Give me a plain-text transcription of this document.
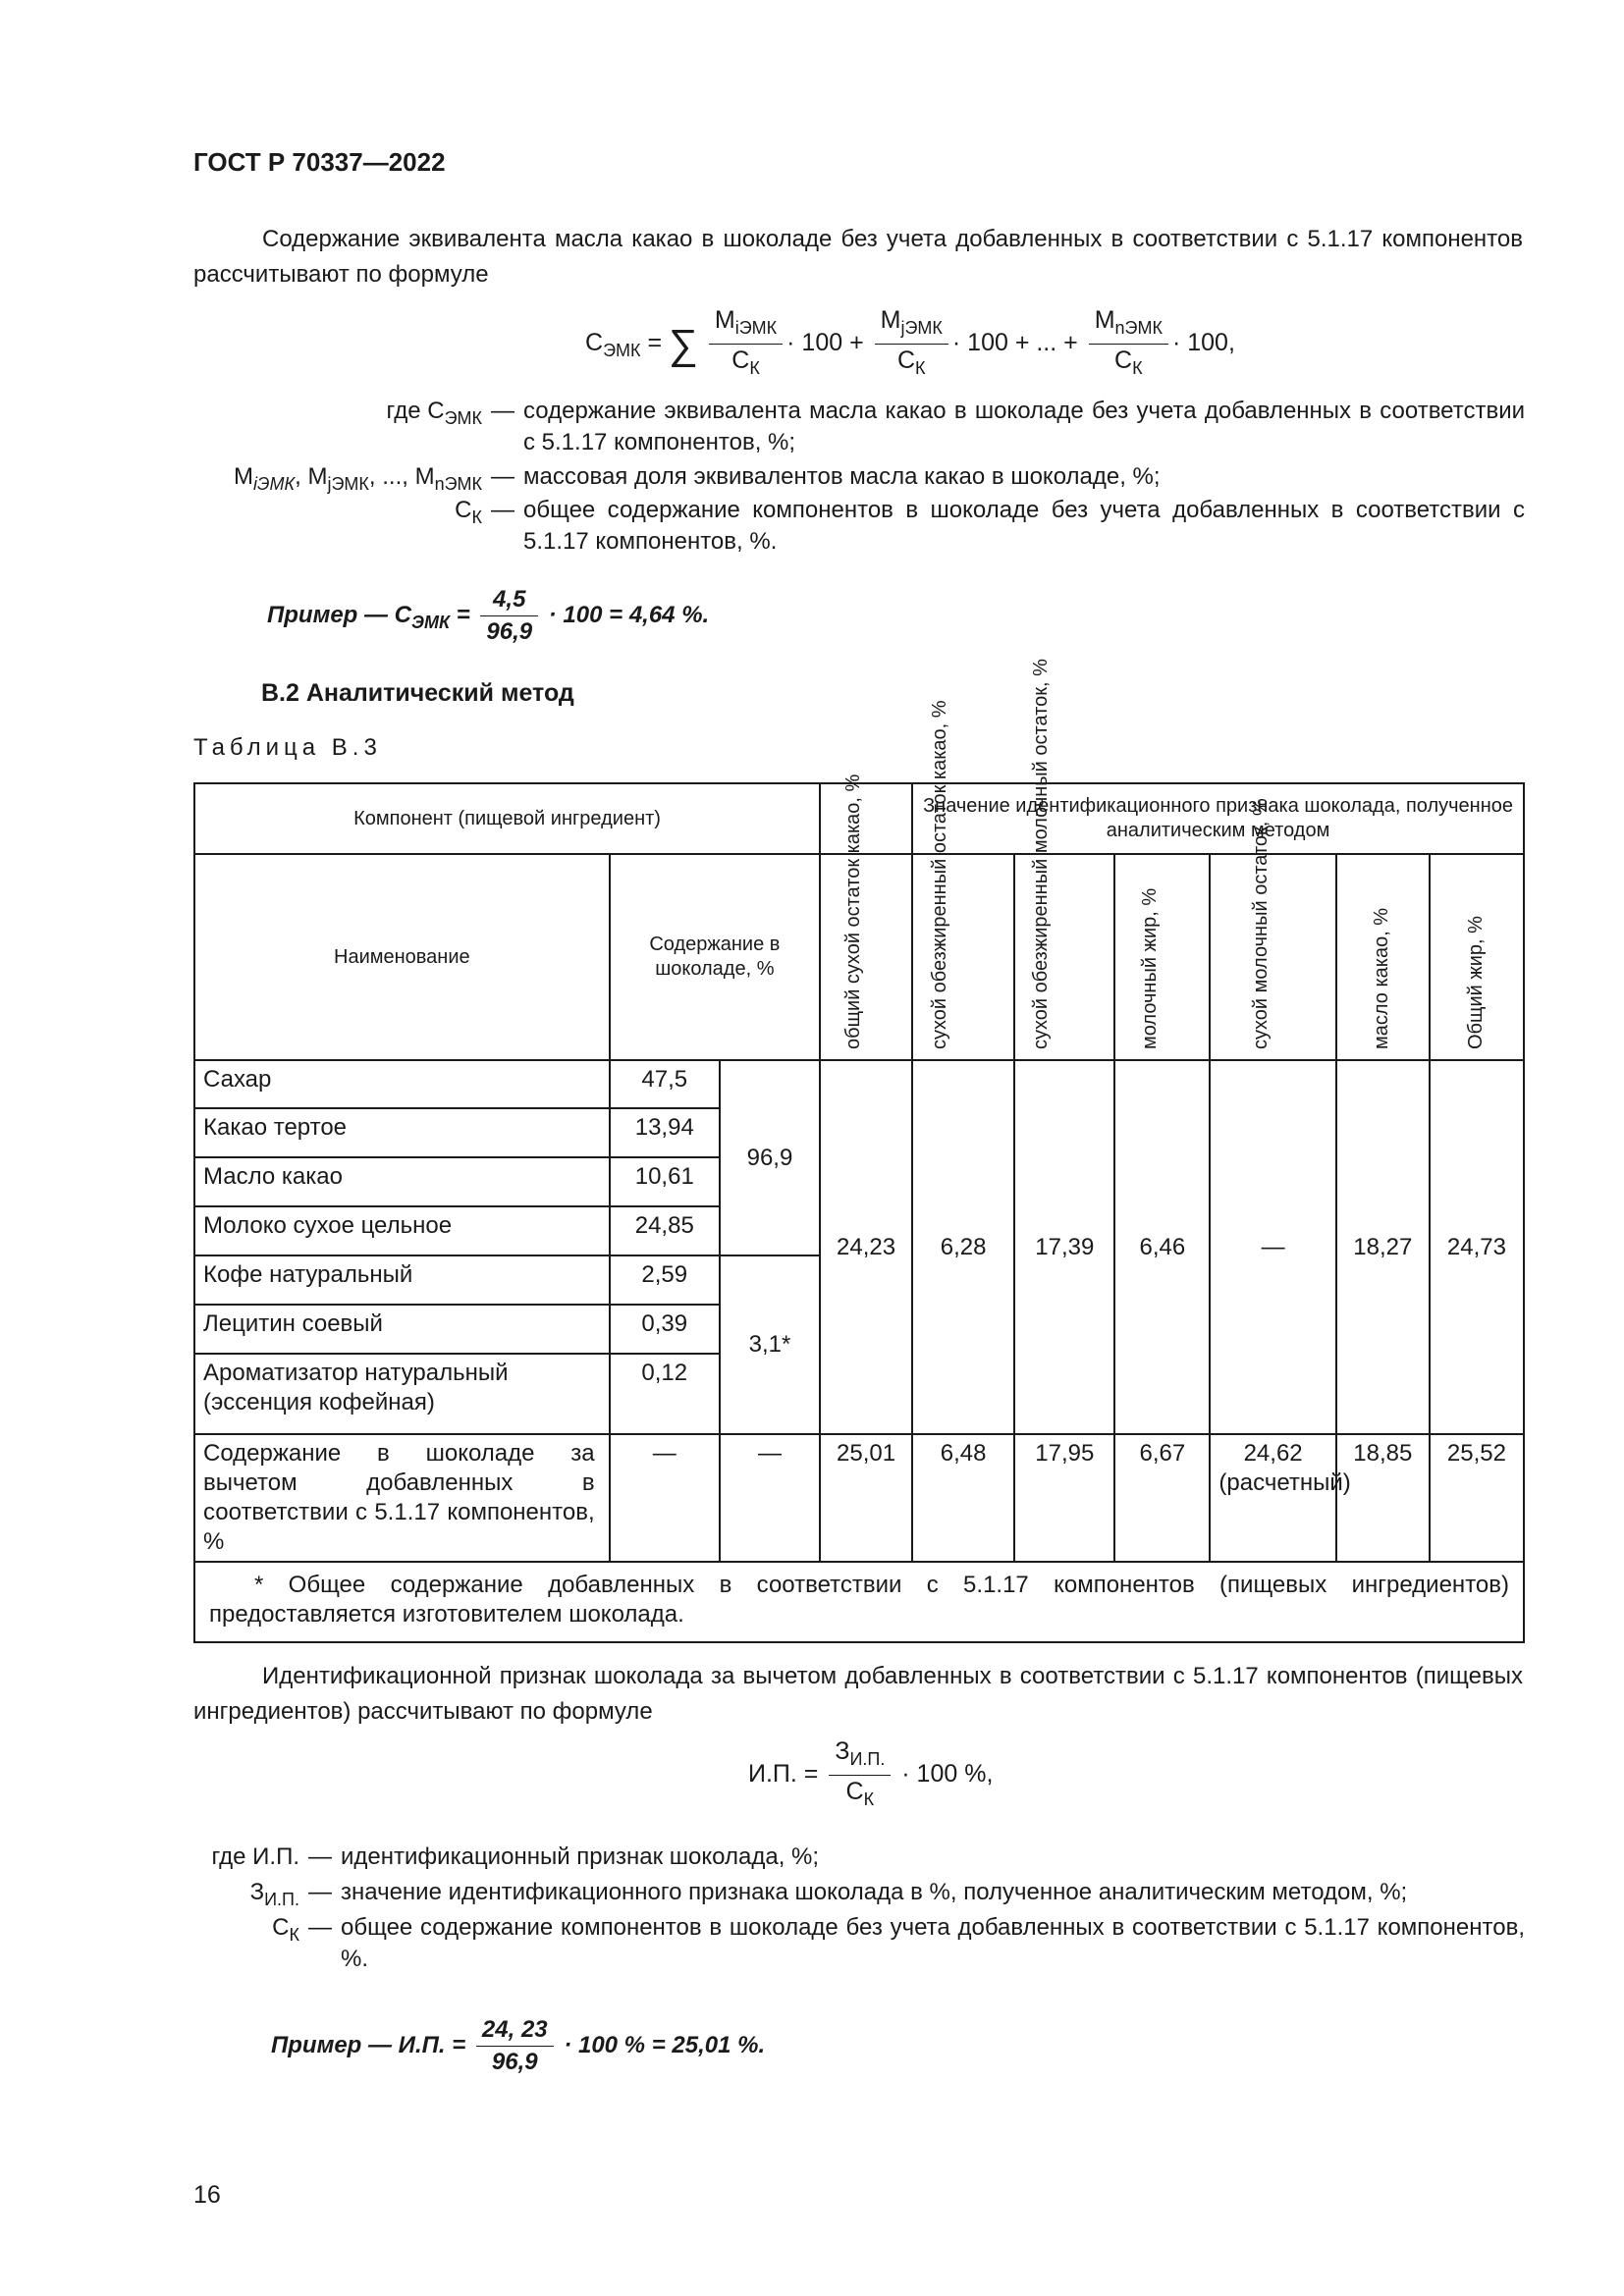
ГОСТ Р 70337—2022
Содержание эквивалента масла какао в шоколаде без учета добавленных в соответствии с 5.1.17 компонентов рассчитывают по формуле
$C_{ЭМК}$ = ∑ $\frac{M_{iЭМК}}{C_К} \cdot 100 + \frac{M_{jЭМК}}{C_К} \cdot 100$ + ... + $\frac{M_{nЭМК}}{C_К} \cdot 100$,
где $C_{ЭМК}$ — содержание эквивалента масла какао в шоколаде без учета добавленных в соответствии с 5.1.17 компонентов, %;
$M_{iЭМК}$, $M_{jЭМК}$, ..., $M_{nЭМК}$ — массовая доля эквивалентов масла какао в шоколаде, %;
$C_К$ — общее содержание компонентов в шоколаде без учета добавленных в соответствии с 5.1.17 компонентов, %.
Пример — $C_{ЭМК} = \frac{4,5}{96,9} \cdot 100 = 4,64$ %.
В.2 Аналитический метод
Таблица В.3
Компонент (пищевой ингредиент)				Значение идентификационного признака шоколада, полученное аналитическим методом					
Наименование	Содержание в шоколаде, %		общий сухой остаток какао, %	сухой обезжиренный остаток какао, %	сухой обезжиренный молочный остаток, %	молочный жир, %	сухой молочный остаток, %	масло какао, %	Общий жир, %

Сахар	47,5	96,9	24,23	6,28	17,39	6,46	—	18,27	24,73
Какао тертое	13,94								
Масло какао	10,61								
Молоко сухое цельное	24,85								
Кофе натуральный	2,59	3,1*							
Лецитин соевый	0,39								
Ароматизатор натуральный (эссенция кофейная)	0,12								
Содержание в шоколаде за вычетом добавленных в соответствии с 5.1.17 компонентов, %	—	—	25,01	6,48	17,95	6,67	24,62 (расчетный)	18,85	25,52
* Общее содержание добавленных в соответствии с 5.1.17 компонентов (пищевых ингредиентов) предоставляется изготовителем шоколада.									
Идентификационной признак шоколада за вычетом добавленных в соответствии с 5.1.17 компонентов (пищевых ингредиентов) рассчитывают по формуле
И.П. = $\frac{З_{И.П.}}{C_К} \cdot 100$ %,
где И.П. — идентификационный признак шоколада, %;
$З_{И.П.}$ — значение идентификационного признака шоколада в %, полученное аналитическим методом, %;
$C_К$ — общее содержание компонентов в шоколаде без учета добавленных в соответствии с 5.1.17 компонентов, %.
Пример — И.П. = $\frac{24, 23}{96,9} \cdot 100$ % = 25,01 %.
16
